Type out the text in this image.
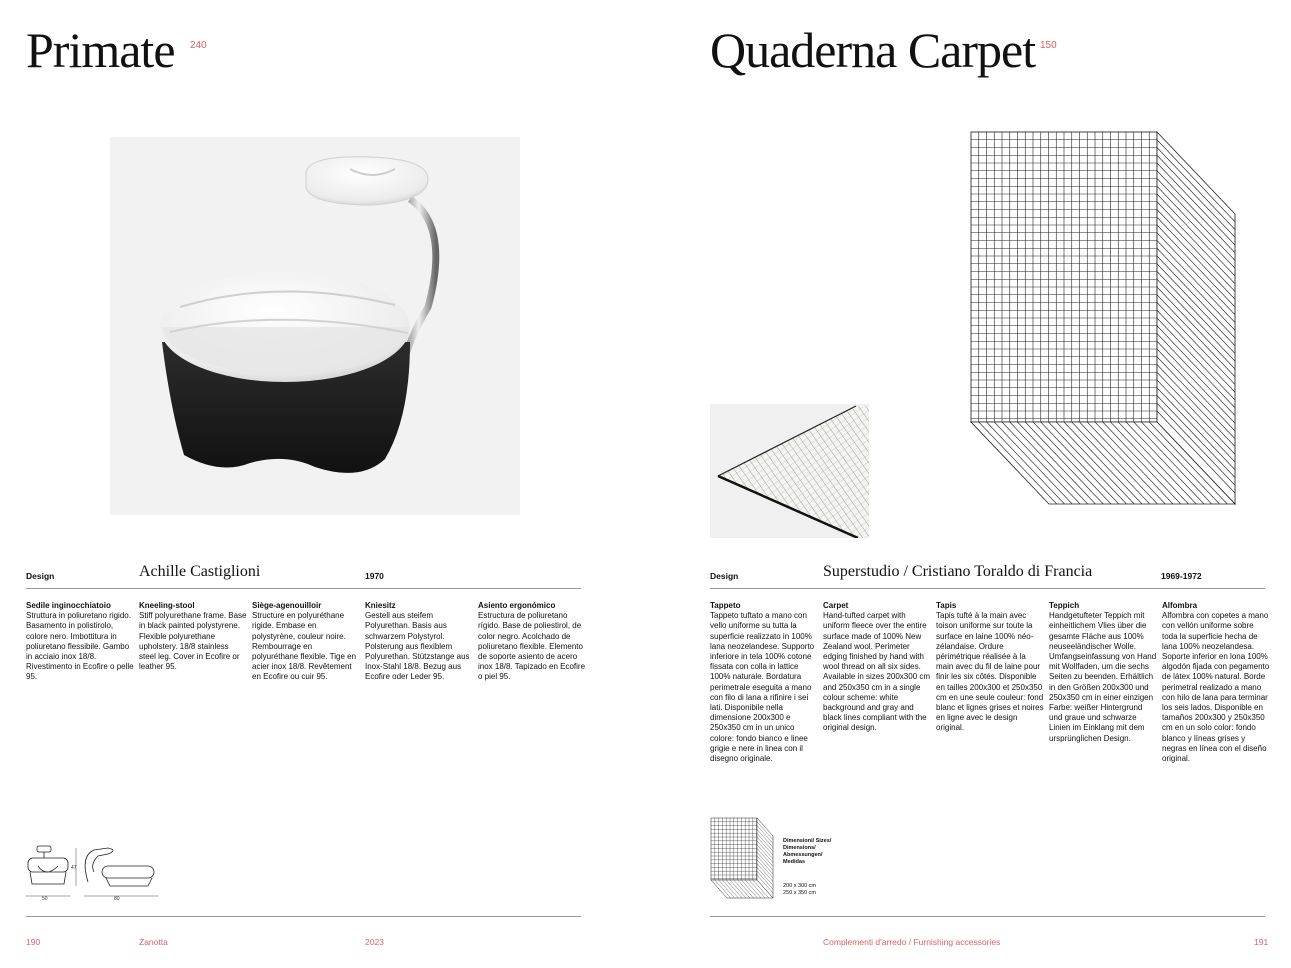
Primate 240
Design	Achille Castiglioni	1970
Sedile inginocchiatoio

Struttura in poliuretano rigido. Basamento in polistirolo, colore nero. Imbottitura in poliuretano flessibile. Gambo in acciaio inox 18/8. Rivestimento in Ecofire o pelle 95.

Kneeling-stool

Stiff polyurethane frame. Base in black painted polystyrene. Flexible polyurethane upholstery. 18/8 stainless steel leg. Cover in Ecofire or leather 95.

Siège-agenouilloir

Structure en polyuréthane rigide. Embase en polystyrène, couleur noire. Rembourrage en polyuréthane flexible. Tige en acier inox 18/8. Revêtement en Ecofire ou cuir 95.

Kniesitz

Gestell aus steifem Polyurethan. Basis aus schwarzem Polystyrol. Polsterung aus flexiblem Polyurethan. Stützstange aus Inox-Stahl 18/8. Bezug aus Ecofire oder Leder 95.

Asiento ergonómico

Estructura de poliuretano rígido. Base de poliestirol, de color negro. Acolchado de poliuretano flexible. Elemento de soporte asiento de acero inox 18/8. Tapizado en Ecofire o piel 95.

50
47
80
190	Zanotta	2023
Quaderna Carpet 150
Design	Superstudio / Cristiano Toraldo di Francia	1969-1972
Tappeto

Tappeto tuftato a mano con vello uniforme su tutta la superficie realizzato in 100% lana neozelandese. Supporto inferiore in tela 100% cotone fissata con colla in lattice 100% naturale. Bordatura perimetrale eseguita a mano con filo di lana a rifinire i sei lati. Disponibile nella dimensione 200x300 e 250x350 cm in un unico colore: fondo bianco e linee grigie e nere in linea con il disegno originale.

Carpet

Hand-tufted carpet with uniform fleece over the entire surface made of 100% New Zealand wool. Perimeter edging finished by hand with wool thread on all six sides. Available in sizes 200x300 cm and 250x350 cm in a single colour scheme: white background and gray and black lines compliant with the original design.

Tapis

Tapis tufté à la main avec toison uniforme sur toute la surface en laine 100% néo-zélandaise. Ordure périmétrique réalisée à la main avec du fil de laine pour finir les six côtés. Disponible en tailles 200x300 et 250x350 cm en une seule couleur: fond blanc et lignes grises et noires en ligne avec le design original.

Teppich

Handgetufteter Teppich mit einheitlichem Vlies über die gesamte Fläche aus 100% neuseeländischer Wolle. Umfangseinfassung von Hand mit Wollfaden, um die sechs Seiten zu beenden. Erhältlich in den Größen 200x300 und 250x350 cm in einer einzigen Farbe: weißer Hintergrund und graue und schwarze Linien im Einklang mit dem ursprünglichen Design.

Alfombra

Alfombra con copetes a mano con vellón uniforme sobre toda la superficie hecha de lana 100% neozelandesa. Soporte inferior en lona 100% algodón fijada con pegamento de látex 100% natural. Borde perimetral realizado a mano con hilo de lana para terminar los seis lados. Disponible en tamaños 200x300 y 250x350 cm en un solo color: fondo blanco y líneas grises y negras en línea con el diseño original.

Dimensioni/ Sizes/ Dimensions/ Abmessungen/ Medidas
200 x 300 cm
250 x 350 cm
Complementi d'arredo / Furnishing accessories	191
